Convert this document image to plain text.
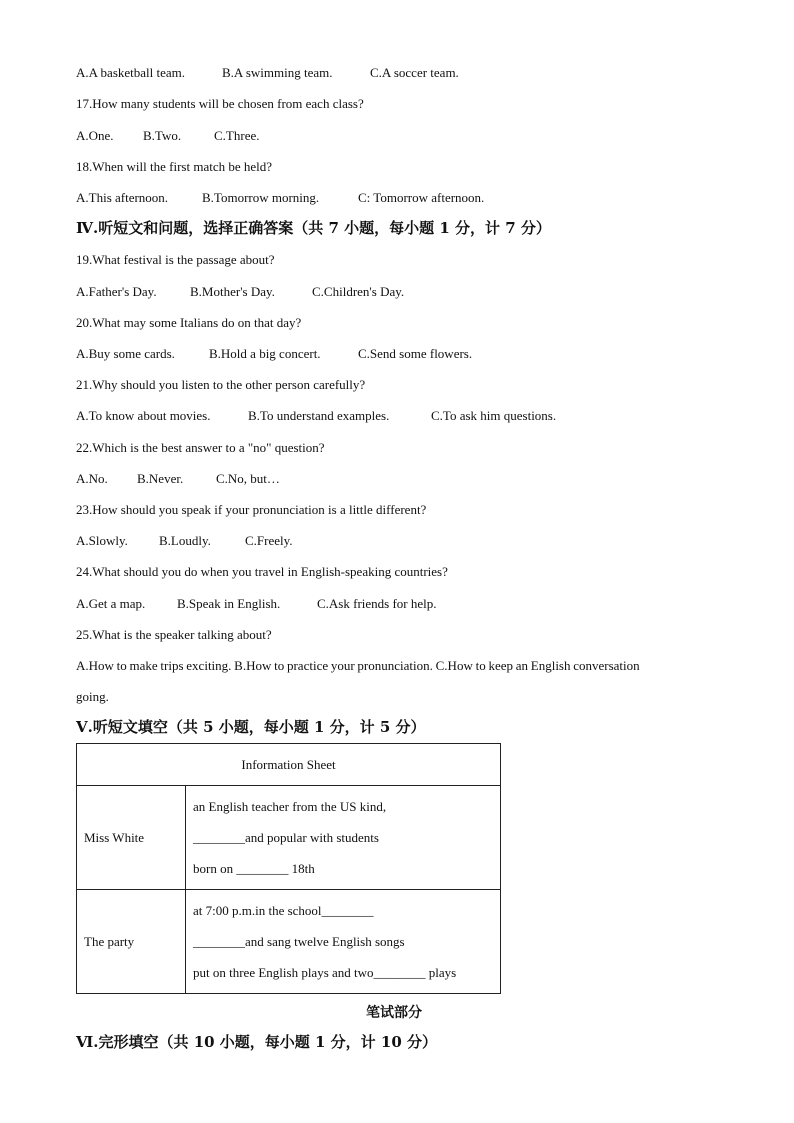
A.A basketball team.	B.A swimming team.	C.A soccer team.
17.How many students will be chosen from each class?
A.One. B.Two.	C.Three.
18.When will the first match be held?
A.This afternoon.	B.Tomorrow morning.	C: Tomorrow afternoon.
Ⅳ.听短文和问题，选择正确答案（共 7 小题，每小题 1 分，计 7 分）
19.What festival is the passage about?
A.Father's Day.	B.Mother's Day.	C.Children's Day.
20.What may some Italians do on that day?
A.Buy some cards.	B.Hold a big concert.	C.Send some flowers.
21.Why should you listen to the other person carefully?
A.To know about movies.	B.To understand examples.	C.To ask him questions.
22.Which is the best answer to a "no" question?
A.No. B.Never.	C.No, but…
23.How should you speak if your pronunciation is a little different?
A.Slowly. B.Loudly.	C.Freely.
24.What should you do when you travel in English-speaking countries?
A.Get a map. B.Speak in English.	C.Ask friends for help.
25.What is the speaker talking about?
A.How to make trips exciting. B.How to practice your pronunciation. C.How to keep an English conversation
going.
Ⅴ.听短文填空（共 5 小题，每小题 1 分，计 5 分）
Information Sheet	
Miss White	an English teacher from the US kind,
________and popular with students
born on ________ 18th

The party	at 7:00 p.m.in the school________
________and sang twelve English songs
put on three English plays and two________ plays
笔试部分
Ⅵ.完形填空（共 10 小题，每小题 1 分，计 10 分）
